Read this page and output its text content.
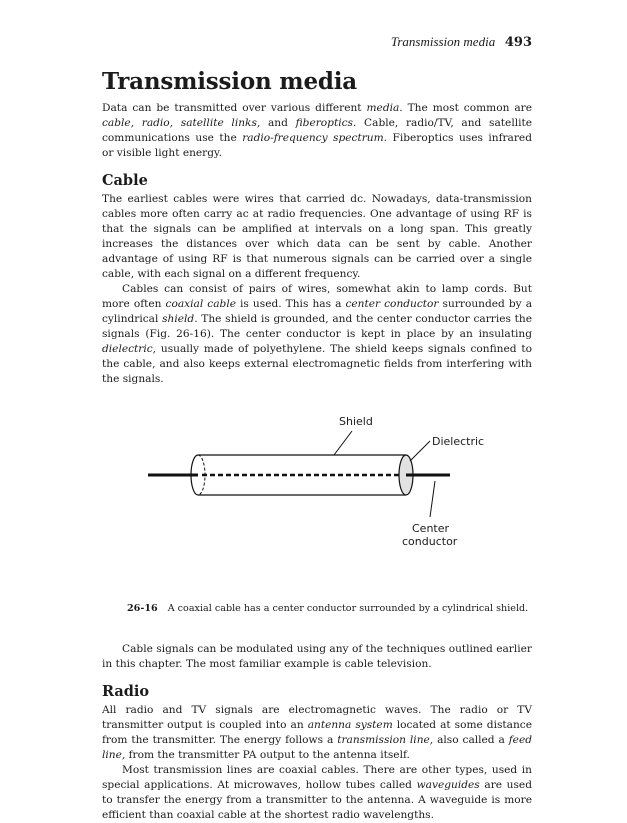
Transmission media 493
Transmission media

Data can be transmitted over various different media. The most common are cable, radio, satellite links, and fiberoptics. Cable, radio/TV, and satellite communications use the radio-frequency spectrum. Fiberoptics uses infrared or visible light energy.

Cable

The earliest cables were wires that carried dc. Nowadays, data-transmission cables more often carry ac at radio frequencies. One advantage of using RF is that the signals can be amplified at intervals on a long span. This greatly increases the distances over which data can be sent by cable. Another advantage of using RF is that numerous signals can be carried over a single cable, with each signal on a different frequency.

Cables can consist of pairs of wires, somewhat akin to lamp cords. But more often coaxial cable is used. This has a center conductor surrounded by a cylindrical shield. The shield is grounded, and the center conductor carries the signals (Fig. 26-16). The center conductor is kept in place by an insulating dielectric, usually made of polyethylene. The shield keeps signals confined to the cable, and also keeps external electromagnetic fields from interfering with the signals.

Shield
Dielectric
Center
conductor

26-16 A coaxial cable has a center conductor surrounded by a cylindrical shield.

Cable signals can be modulated using any of the techniques outlined earlier in this chapter. The most familiar example is cable television.

Radio

All radio and TV signals are electromagnetic waves. The radio or TV transmitter output is coupled into an antenna system located at some distance from the transmitter. The energy follows a transmission line, also called a feed line, from the transmitter PA output to the antenna itself.

Most transmission lines are coaxial cables. There are other types, used in special applications. At microwaves, hollow tubes called waveguides are used to transfer the energy from a transmitter to the antenna. A waveguide is more efficient than coaxial cable at the shortest radio wavelengths.
